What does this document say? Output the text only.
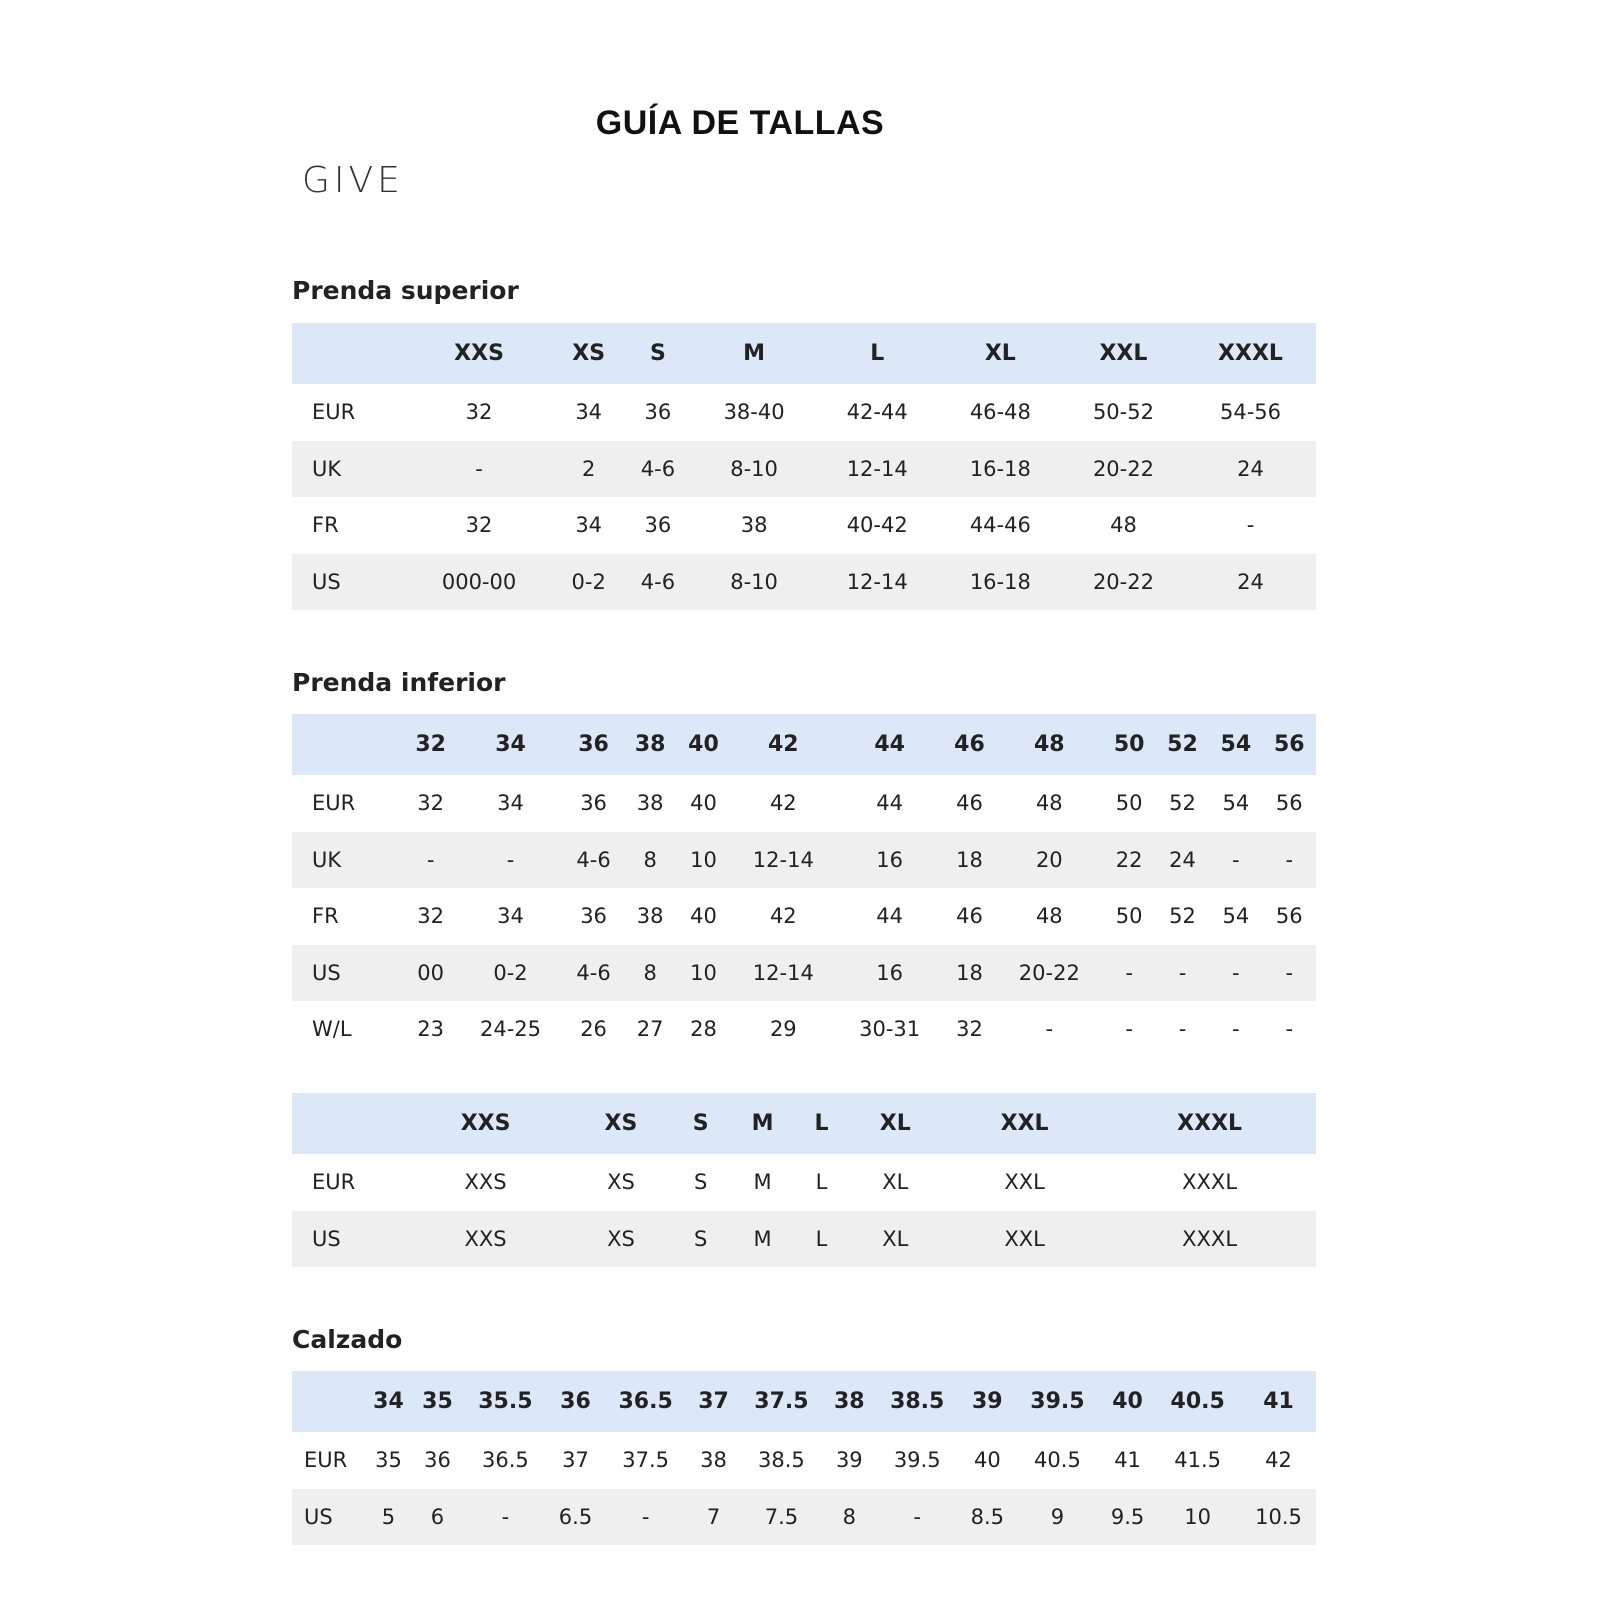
GUÍA DE TALLAS
GIVE
Prenda superior
	XXS	XS	S	M	L	XL	XXL	XXXL
EUR	32	34	36	38-40	42-44	46-48	50-52	54-56
UK	-	2	4-6	8-10	12-14	16-18	20-22	24
FR	32	34	36	38	40-42	44-46	48	-
US	000-00	0-2	4-6	8-10	12-14	16-18	20-22	24
Prenda inferior
	32	34	36	38	40	42	44	46	48	50	52	54	56
EUR	32	34	36	38	40	42	44	46	48	50	52	54	56
UK	-	-	4-6	8	10	12-14	16	18	20	22	24	-	-
FR	32	34	36	38	40	42	44	46	48	50	52	54	56
US	00	0-2	4-6	8	10	12-14	16	18	20-22	-	-	-	-
W/L	23	24-25	26	27	28	29	30-31	32	-	-	-	-	-
	XXS	XS	S	M	L	XL	XXL	XXXL
EUR	XXS	XS	S	M	L	XL	XXL	XXXL
US	XXS	XS	S	M	L	XL	XXL	XXXL
Calzado
	34	35	35.5	36	36.5	37	37.5	38	38.5	39	39.5	40	40.5	41
EUR	35	36	36.5	37	37.5	38	38.5	39	39.5	40	40.5	41	41.5	42
US	5	6	-	6.5	-	7	7.5	8	-	8.5	9	9.5	10	10.5
